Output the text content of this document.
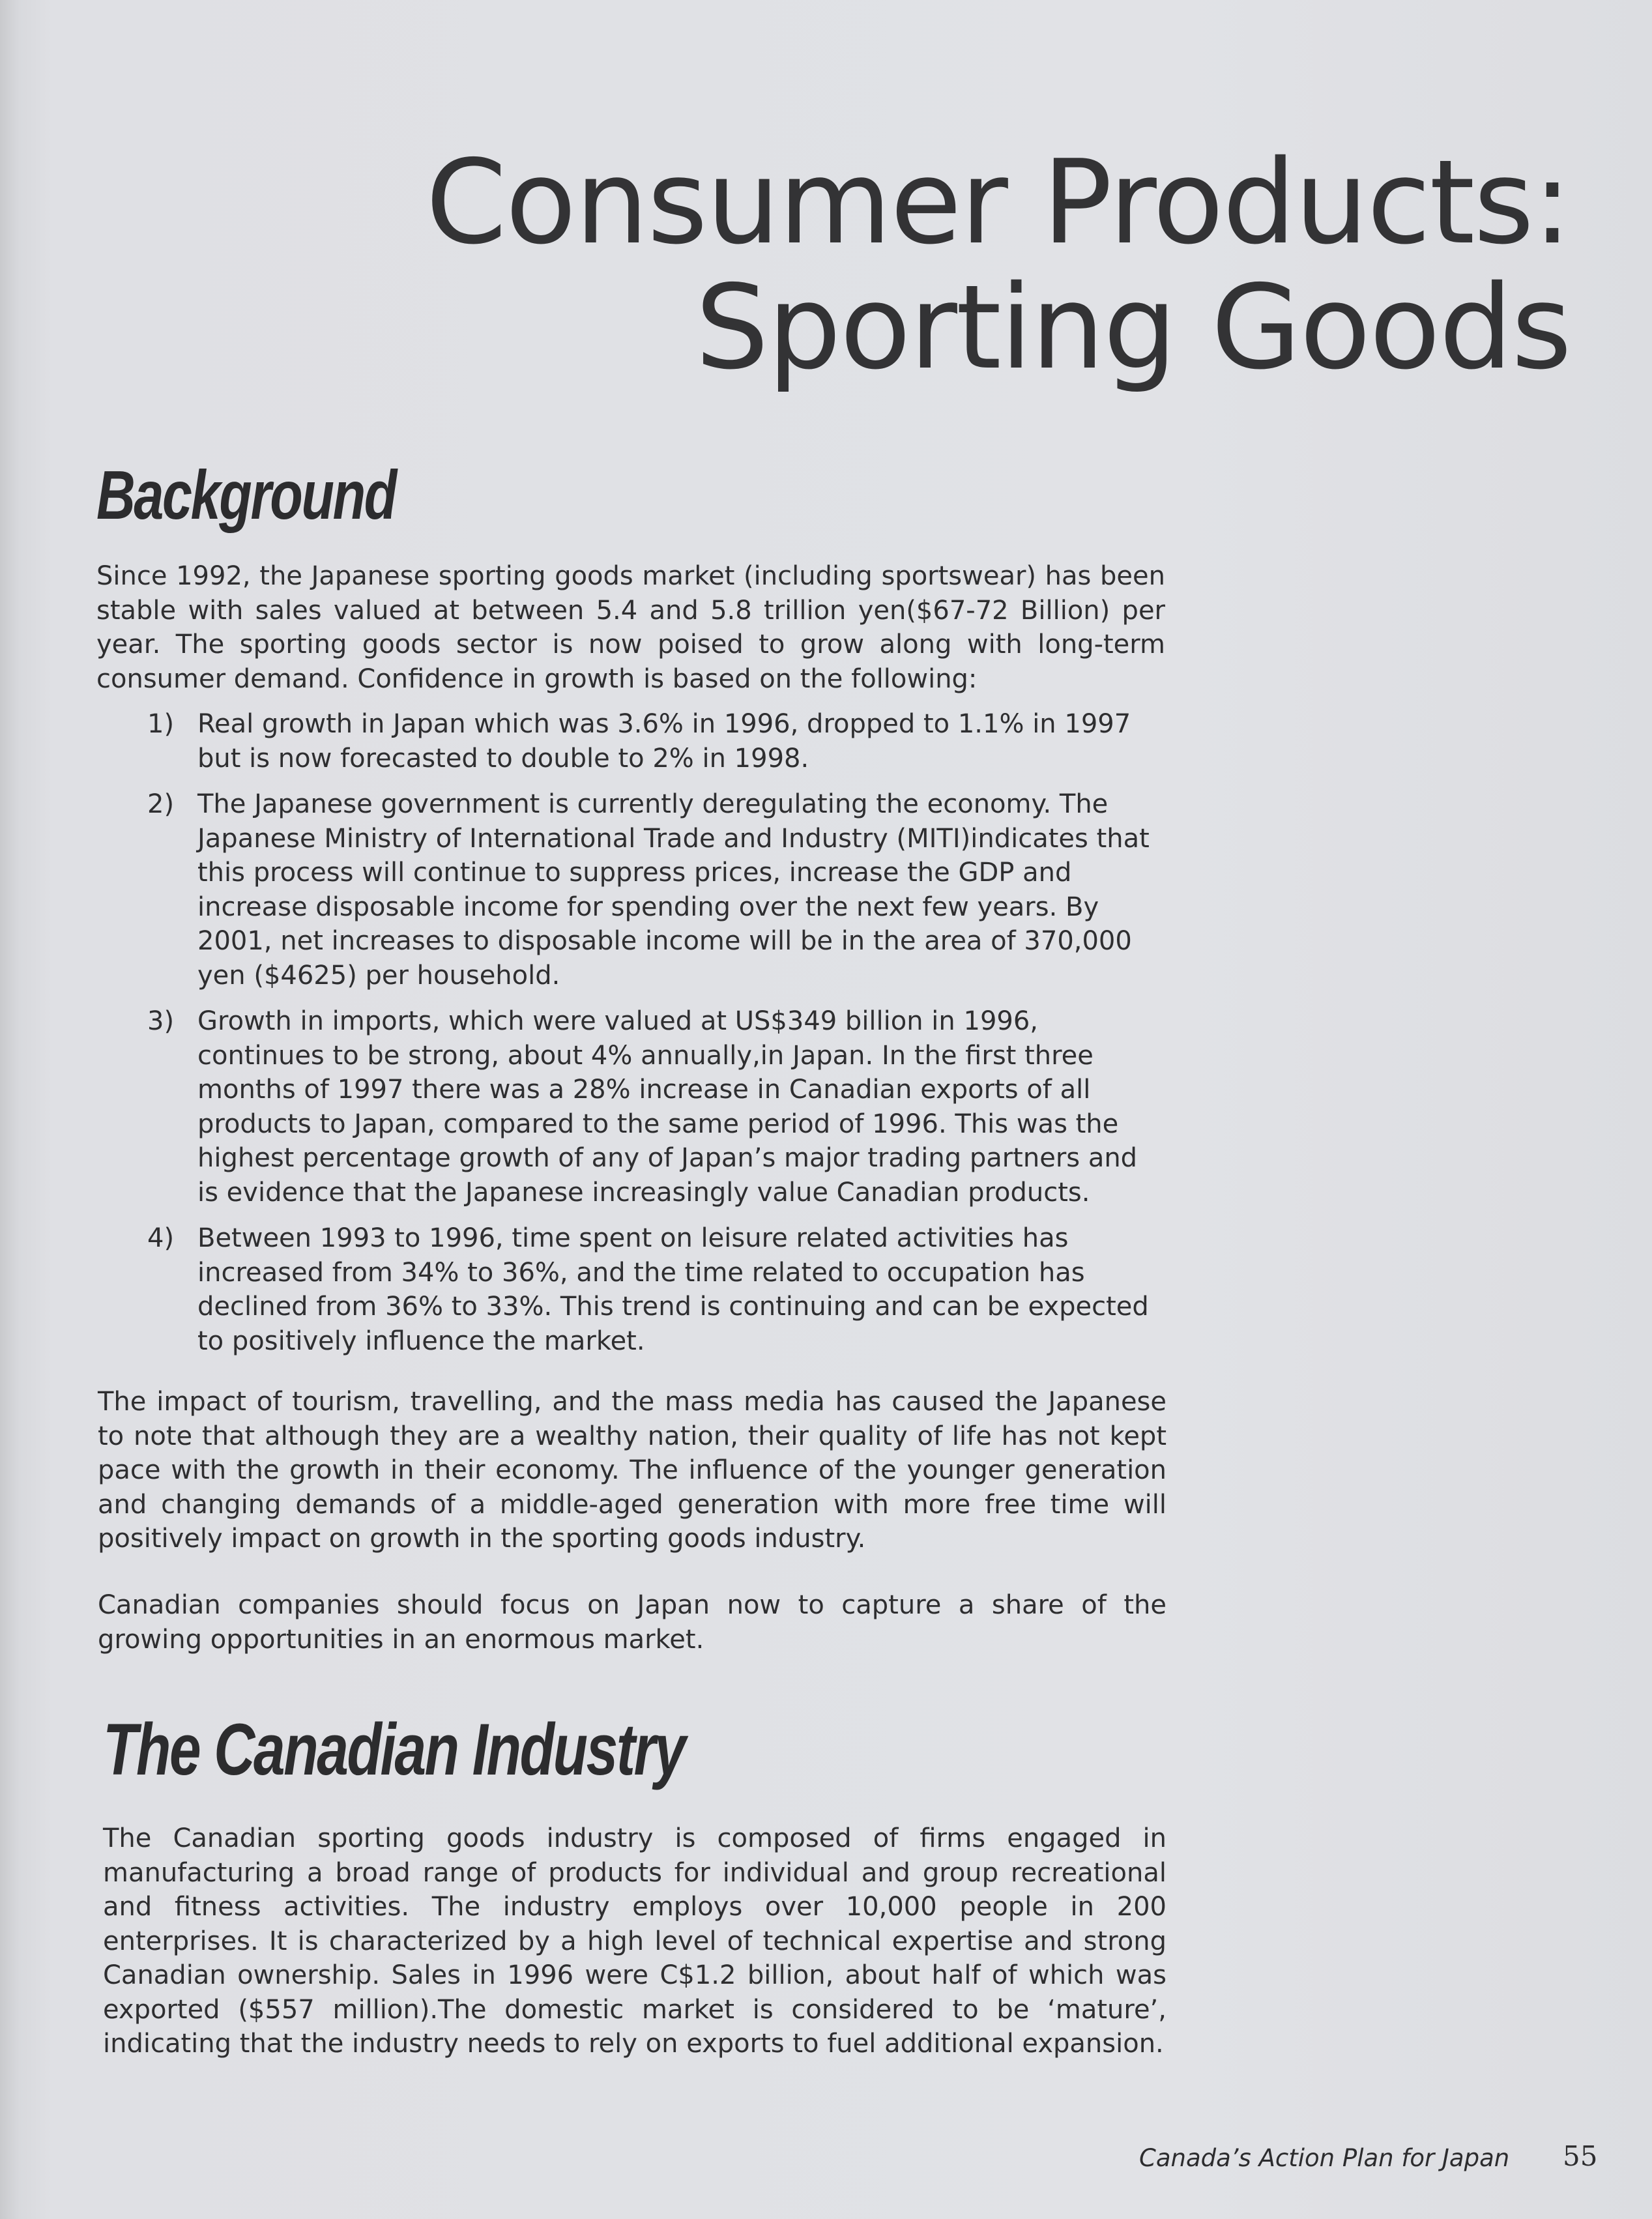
Consumer Products:
Sporting Goods
Background

Since 1992, the Japanese sporting goods market (including sportswear) has been stable with sales valued at between 5.4 and 5.8 trillion yen($67-72 Billion) per year. The sporting goods sector is now poised to grow along with long-term consumer demand. Confidence in growth is based on the following:

1) Real growth in Japan which was 3.6% in 1996, dropped to 1.1% in 1997 but is now forecasted to double to 2% in 1998.
2) The Japanese government is currently deregulating the economy. The Japanese Ministry of International Trade and Industry (MITI)indicates that this process will continue to suppress prices, increase the GDP and increase disposable income for spending over the next few years. By 2001, net increases to disposable income will be in the area of 370,000 yen ($4625) per household.
3) Growth in imports, which were valued at US$349 billion in 1996, continues to be strong, about 4% annually,in Japan. In the first three months of 1997 there was a 28% increase in Canadian exports of all products to Japan, compared to the same period of 1996. This was the highest percentage growth of any of Japan’s major trading partners and is evidence that the Japanese increasingly value Canadian products.
4) Between 1993 to 1996, time spent on leisure related activities has increased from 34% to 36%, and the time related to occupation has declined from 36% to 33%. This trend is continuing and can be expected to positively influence the market.

The impact of tourism, travelling, and the mass media has caused the Japanese to note that although they are a wealthy nation, their quality of life has not kept pace with the growth in their economy. The influence of the younger generation and changing demands of a middle-aged generation with more free time will positively impact on growth in the sporting goods industry.

Canadian companies should focus on Japan now to capture a share of the growing opportunities in an enormous market.

The Canadian Industry

The Canadian sporting goods industry is composed of firms engaged in manufacturing a broad range of products for individual and group recreational and fitness activities. The industry employs over 10,000 people in 200 enterprises. It is characterized by a high level of technical expertise and strong Canadian ownership. Sales in 1996 were C$1.2 billion, about half of which was exported ($557 million).The domestic market is considered to be ‘mature’, indicating that the industry needs to rely on exports to fuel additional expansion.

Canada’s Action Plan for Japan 55
